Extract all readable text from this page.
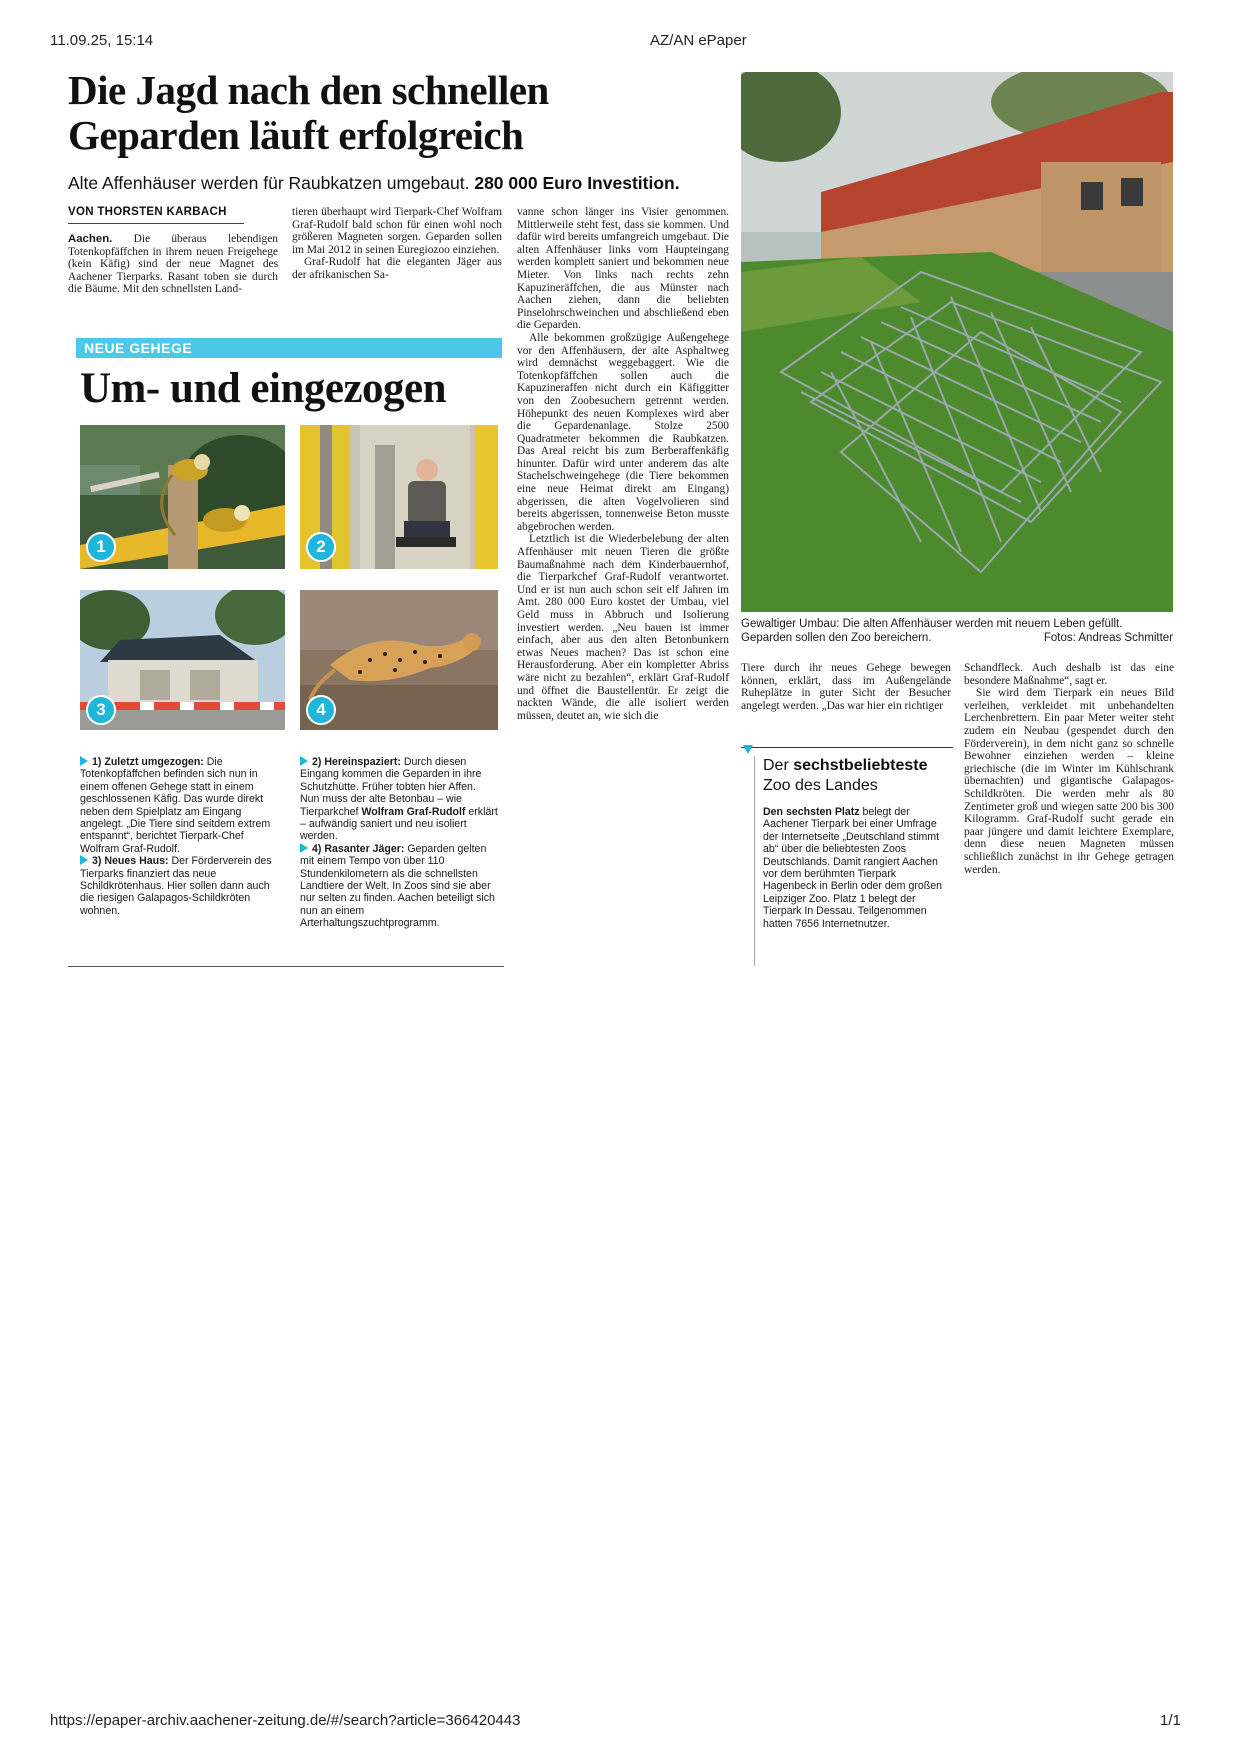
11.09.25, 15:14	AZ/AN ePaper
https://epaper-archiv.aachener-zeitung.de/#/search?article=366420443	1/1
Die Jagd nach den schnellen
Geparden läuft erfolgreich
Alte Affenhäuser werden für Raubkatzen umgebaut. 280 000 Euro Investition.
VON THORSTEN KARBACH

Aachen. Die überaus lebendigen Totenkopfäffchen in ihrem neuen Freigehege (kein Käfig) sind der neue Magnet des Aachener Tierparks. Rasant toben sie durch die Bäume. Mit den schnellsten Land-

tieren überhaupt wird Tierpark-Chef Wolfram Graf-Rudolf bald schon für einen wohl noch größeren Magneten sorgen. Geparden sollen im Mai 2012 in seinen Euregiozoo einziehen.

Graf-Rudolf hat die eleganten Jäger aus der afrikanischen Sa-

NEUE GEHEGE
Um- und eingezogen
1	2
3	4
1) Zuletzt umgezogen: Die Totenkopfäffchen befinden sich nun in einem offenen Gehege statt in einem geschlossenen Käfig. Das wurde direkt neben dem Spielplatz am Eingang angelegt. „Die Tiere sind seitdem extrem entspannt“, berichtet Tierpark-Chef Wolfram Graf-Rudolf.
3) Neues Haus: Der Förderverein des Tierparks finanziert das neue Schildkrötenhaus. Hier sollen dann auch die riesigen Galapagos-Schildkröten wohnen.
2) Hereinspaziert: Durch diesen Eingang kommen die Geparden in ihre Schutzhütte. Früher tobten hier Affen. Nun muss der alte Betonbau – wie Tierparkchef Wolfram Graf-Rudolf erklärt – aufwändig saniert und neu isoliert werden.
4) Rasanter Jäger: Geparden gelten mit einem Tempo von über 110 Stundenkilometern als die schnellsten Landtiere der Welt. In Zoos sind sie aber nur selten zu finden. Aachen beteiligt sich nun an einem Arterhaltungszuchtprogramm.

vanne schon länger ins Visier genommen. Mittlerweile steht fest, dass sie kommen. Und dafür wird bereits umfangreich umgebaut. Die alten Affenhäuser links vom Haupteingang werden komplett saniert und bekommen neue Mieter. Von links nach rechts zehn Kapuzineräffchen, die aus Münster nach Aachen ziehen, dann die beliebten Pinselohrschweinchen und abschließend eben die Geparden.

Alle bekommen großzügige Außengehege vor den Affenhäusern, der alte Asphaltweg wird demnächst weggebaggert. Wie die Totenkopfäffchen sollen auch die Kapuzineraffen nicht durch ein Käfiggitter von den Zoobesuchern getrennt werden. Höhepunkt des neuen Komplexes wird aber die Gepardenanlage. Stolze 2500 Quadratmeter bekommen die Raubkatzen. Das Areal reicht bis zum Berberaffenkäfig hinunter. Dafür wird unter anderem das alte Stachelschweingehege (die Tiere bekommen eine neue Heimat direkt am Eingang) abgerissen, die alten Vogelvolieren sind bereits abgerissen, tonnenweise Beton musste abgebrochen werden.

Letztlich ist die Wiederbelebung der alten Affenhäuser mit neuen Tieren die größte Baumaßnahme nach dem Kinderbauernhof, die Tierparkchef Graf-Rudolf verantwortet. Und er ist nun auch schon seit elf Jahren im Amt. 280 000 Euro kostet der Umbau, viel Geld muss in Abbruch und Isolierung investiert werden. „Neu bauen ist immer einfach, aber aus den alten Betonbunkern etwas Neues machen? Das ist schon eine Herausforderung. Aber ein kompletter Abriss wäre nicht zu bezahlen“, erklärt Graf-Rudolf und öffnet die Baustellentür. Er zeigt die nackten Wände, die alle isoliert werden müssen, deutet an, wie sich die

Gewaltiger Umbau: Die alten Affenhäuser werden mit neuem Leben gefüllt. Geparden sollen den Zoo bereichern.	Fotos: Andreas Schmitter

Tiere durch ihr neues Gehege bewegen können, erklärt, dass im Außengelände Ruheplätze in guter Sicht der Besucher angelegt werden. „Das war hier ein richtiger

Der sechstbeliebteste
Zoo des Landes
Den sechsten Platz belegt der Aachener Tierpark bei einer Umfrage der Internetseite „Deutschland stimmt ab“ über die beliebtesten Zoos Deutschlands. Damit rangiert Aachen vor dem berühmten Tierpark Hagenbeck in Berlin oder dem großen Leipziger Zoo. Platz 1 belegt der Tierpark In Dessau. Teilgenommen hatten 7656 Internetnutzer.

Schandfleck. Auch deshalb ist das eine besondere Maßnahme“, sagt er.

Sie wird dem Tierpark ein neues Bild verleihen, verkleidet mit unbehandelten Lerchenbrettern. Ein paar Meter weiter steht zudem ein Neubau (gespendet durch den Förderverein), in dem nicht ganz so schnelle Bewohner einziehen werden – kleine griechische (die im Winter im Kühlschrank übernachten) und gigantische Galapagos-Schildkröten. Die werden mehr als 80 Zentimeter groß und wiegen satte 200 bis 300 Kilogramm. Graf-Rudolf sucht gerade ein paar jüngere und damit leichtere Exemplare, denn diese neuen Magneten müssen schließlich zunächst in ihr Gehege getragen werden.
